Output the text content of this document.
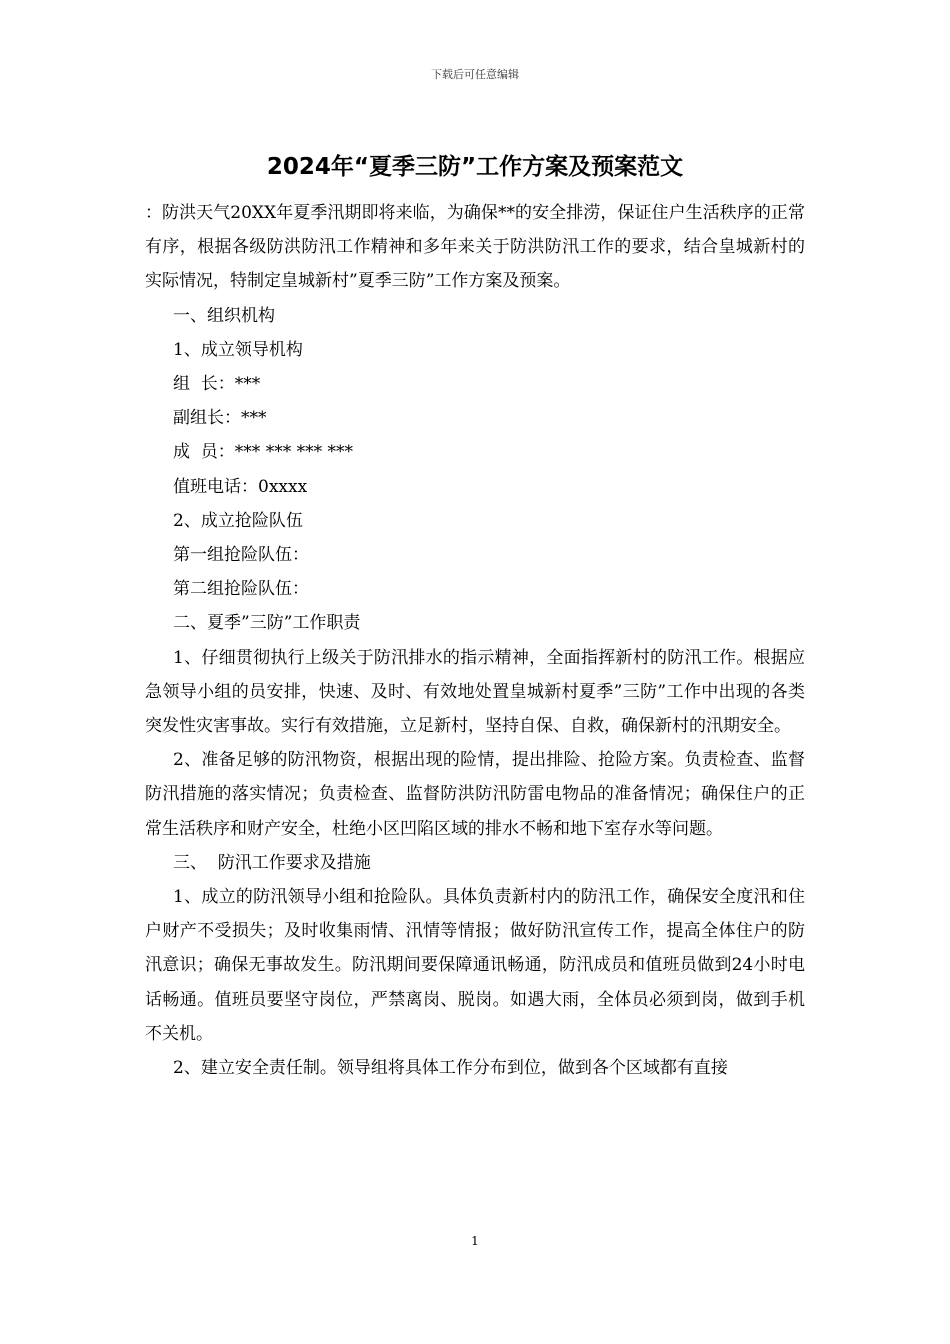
下载后可任意编辑
2024年“夏季三防”工作方案及预案范文

：防洪天气20XX年夏季汛期即将来临，为确保**的安全排涝，保证住户生活秩序的正常有序，根据各级防洪防汛工作精神和多年来关于防洪防汛工作的要求，结合皇城新村的实际情况，特制定皇城新村”夏季三防”工作方案及预案。

一、组织机构

1、成立领导机构

组  长：***

副组长：***

成  员：*** *** *** ***

值班电话：0xxxx

2、成立抢险队伍

第一组抢险队伍：

第二组抢险队伍：

二、夏季”三防”工作职责

1、仔细贯彻执行上级关于防汛排水的指示精神，全面指挥新村的防汛工作。根据应急领导小组的员安排，快速、及时、有效地处置皇城新村夏季”三防”工作中出现的各类突发性灾害事故。实行有效措施，立足新村，坚持自保、自救，确保新村的汛期安全。

2、准备足够的防汛物资，根据出现的险情，提出排险、抢险方案。负责检查、监督防汛措施的落实情况；负责检查、监督防洪防汛防雷电物品的准备情况；确保住户的正常生活秩序和财产安全，杜绝小区凹陷区域的排水不畅和地下室存水等问题。

三、  防汛工作要求及措施

1、成立的防汛领导小组和抢险队。具体负责新村内的防汛工作，确保安全度汛和住户财产不受损失；及时收集雨情、汛情等情报；做好防汛宣传工作，提高全体住户的防汛意识；确保无事故发生。防汛期间要保障通讯畅通，防汛成员和值班员做到24小时电话畅通。值班员要坚守岗位，严禁离岗、脱岗。如遇大雨，全体员必须到岗，做到手机不关机。

2、建立安全责任制。领导组将具体工作分布到位，做到各个区域都有直接

1
